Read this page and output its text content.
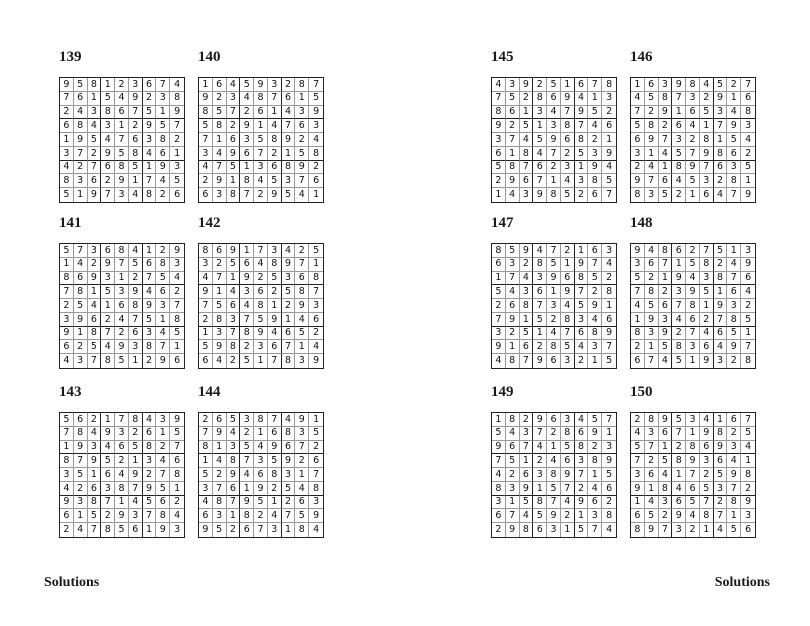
139
9 5 8 1 2 3 6 7 4
7 6 1 5 4 9 2 3 8
2 4 3 8 6 7 5 1 9
6 8 4 3 1 2 9 5 7
1 9 5 4 7 6 3 8 2
3 7 2 9 5 8 4 6 1
4 2 7 6 8 5 1 9 3
8 3 6 2 9 1 7 4 5
5 1 9 7 3 4 8 2 6
140
1 6 4 5 9 3 2 8 7
9 2 3 4 8 7 6 1 5
8 5 7 2 6 1 4 3 9
5 8 2 9 1 4 7 6 3
7 1 6 3 5 8 9 2 4
3 4 9 6 7 2 1 5 8
4 7 5 1 3 6 8 9 2
2 9 1 8 4 5 3 7 6
6 3 8 7 2 9 5 4 1
141
5 7 3 6 8 4 1 2 9
1 4 2 9 7 5 6 8 3
8 6 9 3 1 2 7 5 4
7 8 1 5 3 9 4 6 2
2 5 4 1 6 8 9 3 7
3 9 6 2 4 7 5 1 8
9 1 8 7 2 6 3 4 5
6 2 5 4 9 3 8 7 1
4 3 7 8 5 1 2 9 6
142
8 6 9 1 7 3 4 2 5
3 2 5 6 4 8 9 7 1
4 7 1 9 2 5 3 6 8
9 1 4 3 6 2 5 8 7
7 5 6 4 8 1 2 9 3
2 8 3 7 5 9 1 4 6
1 3 7 8 9 4 6 5 2
5 9 8 2 3 6 7 1 4
6 4 2 5 1 7 8 3 9
143
5 6 2 1 7 8 4 3 9
7 8 4 9 3 2 6 1 5
1 9 3 4 6 5 8 2 7
8 7 9 5 2 1 3 4 6
3 5 1 6 4 9 2 7 8
4 2 6 3 8 7 9 5 1
9 3 8 7 1 4 5 6 2
6 1 5 2 9 3 7 8 4
2 4 7 8 5 6 1 9 3
144
2 6 5 3 8 7 4 9 1
7 9 4 2 1 6 8 3 5
8 1 3 5 4 9 6 7 2
1 4 8 7 3 5 9 2 6
5 2 9 4 6 8 3 1 7
3 7 6 1 9 2 5 4 8
4 8 7 9 5 1 2 6 3
6 3 1 8 2 4 7 5 9
9 5 2 6 7 3 1 8 4
145
4 3 9 2 5 1 6 7 8
7 5 2 8 6 9 4 1 3
8 6 1 3 4 7 9 5 2
9 2 5 1 3 8 7 4 6
3 7 4 5 9 6 8 2 1
6 1 8 4 7 2 5 3 9
5 8 7 6 2 3 1 9 4
2 9 6 7 1 4 3 8 5
1 4 3 9 8 5 2 6 7
146
1 6 3 9 8 4 5 2 7
4 5 8 7 3 2 9 1 6
7 2 9 1 6 5 3 4 8
5 8 2 6 4 1 7 9 3
6 9 7 3 2 8 1 5 4
3 1 4 5 7 9 8 6 2
2 4 1 8 9 7 6 3 5
9 7 6 4 5 3 2 8 1
8 3 5 2 1 6 4 7 9
147
8 5 9 4 7 2 1 6 3
6 3 2 8 5 1 9 7 4
1 7 4 3 9 6 8 5 2
5 4 3 6 1 9 7 2 8
2 6 8 7 3 4 5 9 1
7 9 1 5 2 8 3 4 6
3 2 5 1 4 7 6 8 9
9 1 6 2 8 5 4 3 7
4 8 7 9 6 3 2 1 5
148
9 4 8 6 2 7 5 1 3
3 6 7 1 5 8 2 4 9
5 2 1 9 4 3 8 7 6
7 8 2 3 9 5 1 6 4
4 5 6 7 8 1 9 3 2
1 9 3 4 6 2 7 8 5
8 3 9 2 7 4 6 5 1
2 1 5 8 3 6 4 9 7
6 7 4 5 1 9 3 2 8
149
1 8 2 9 6 3 4 5 7
5 4 3 7 2 8 6 9 1
9 6 7 4 1 5 8 2 3
7 5 1 2 4 6 3 8 9
4 2 6 3 8 9 7 1 5
8 3 9 1 5 7 2 4 6
3 1 5 8 7 4 9 6 2
6 7 4 5 9 2 1 3 8
2 9 8 6 3 1 5 7 4
150
2 8 9 5 3 4 1 6 7
4 3 6 7 1 9 8 2 5
5 7 1 2 8 6 9 3 4
7 2 5 8 9 3 6 4 1
3 6 4 1 7 2 5 9 8
9 1 8 4 6 5 3 7 2
1 4 3 6 5 7 2 8 9
6 5 2 9 4 8 7 1 3
8 9 7 3 2 1 4 5 6
Solutions	Solutions
